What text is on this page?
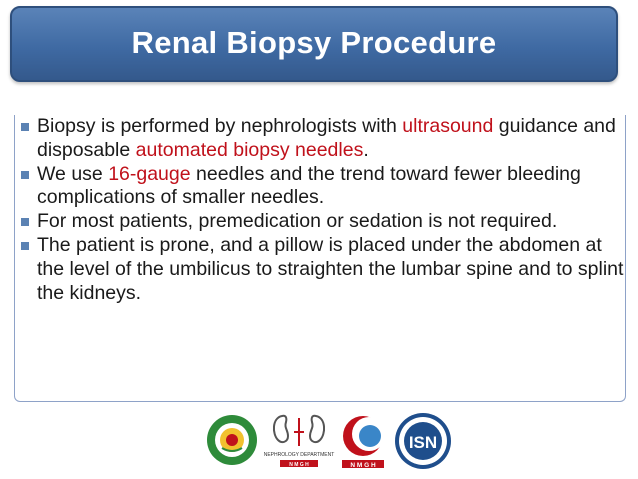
Renal Biopsy Procedure
Biopsy is performed by nephrologists with ultrasound guidance and disposable automated biopsy needles.
We use 16-gauge needles and the trend toward fewer bleeding complications of smaller needles.
For most patients, premedication or sedation is not required.
The patient is prone, and a pillow is placed under the abdomen at the level of the umbilicus to straighten the lumbar spine and to splint the kidneys.
NEPHROLOGY DEPARTMENT
N M G H	N M G H
ISN
